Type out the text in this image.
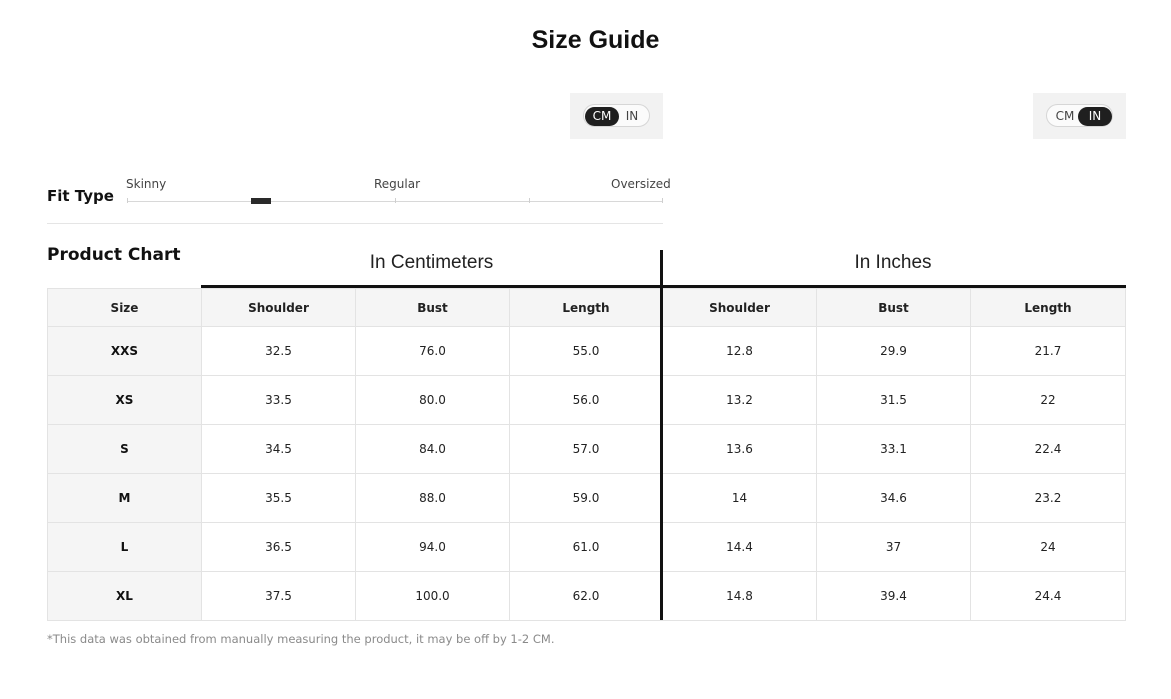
Size Guide
CM	IN	CM	IN
Fit Type
Skinny	Regular	Oversized
Product Chart	In Centimeters	In Inches
Size	Shoulder	Bust	Length	Shoulder	Bust	Length
XXS	32.5	76.0	55.0	12.8	29.9	21.7
XS	33.5	80.0	56.0	13.2	31.5	22
S	34.5	84.0	57.0	13.6	33.1	22.4
M	35.5	88.0	59.0	14	34.6	23.2
L	36.5	94.0	61.0	14.4	37	24
XL	37.5	100.0	62.0	14.8	39.4	24.4
*This data was obtained from manually measuring the product, it may be off by 1-2 CM.
